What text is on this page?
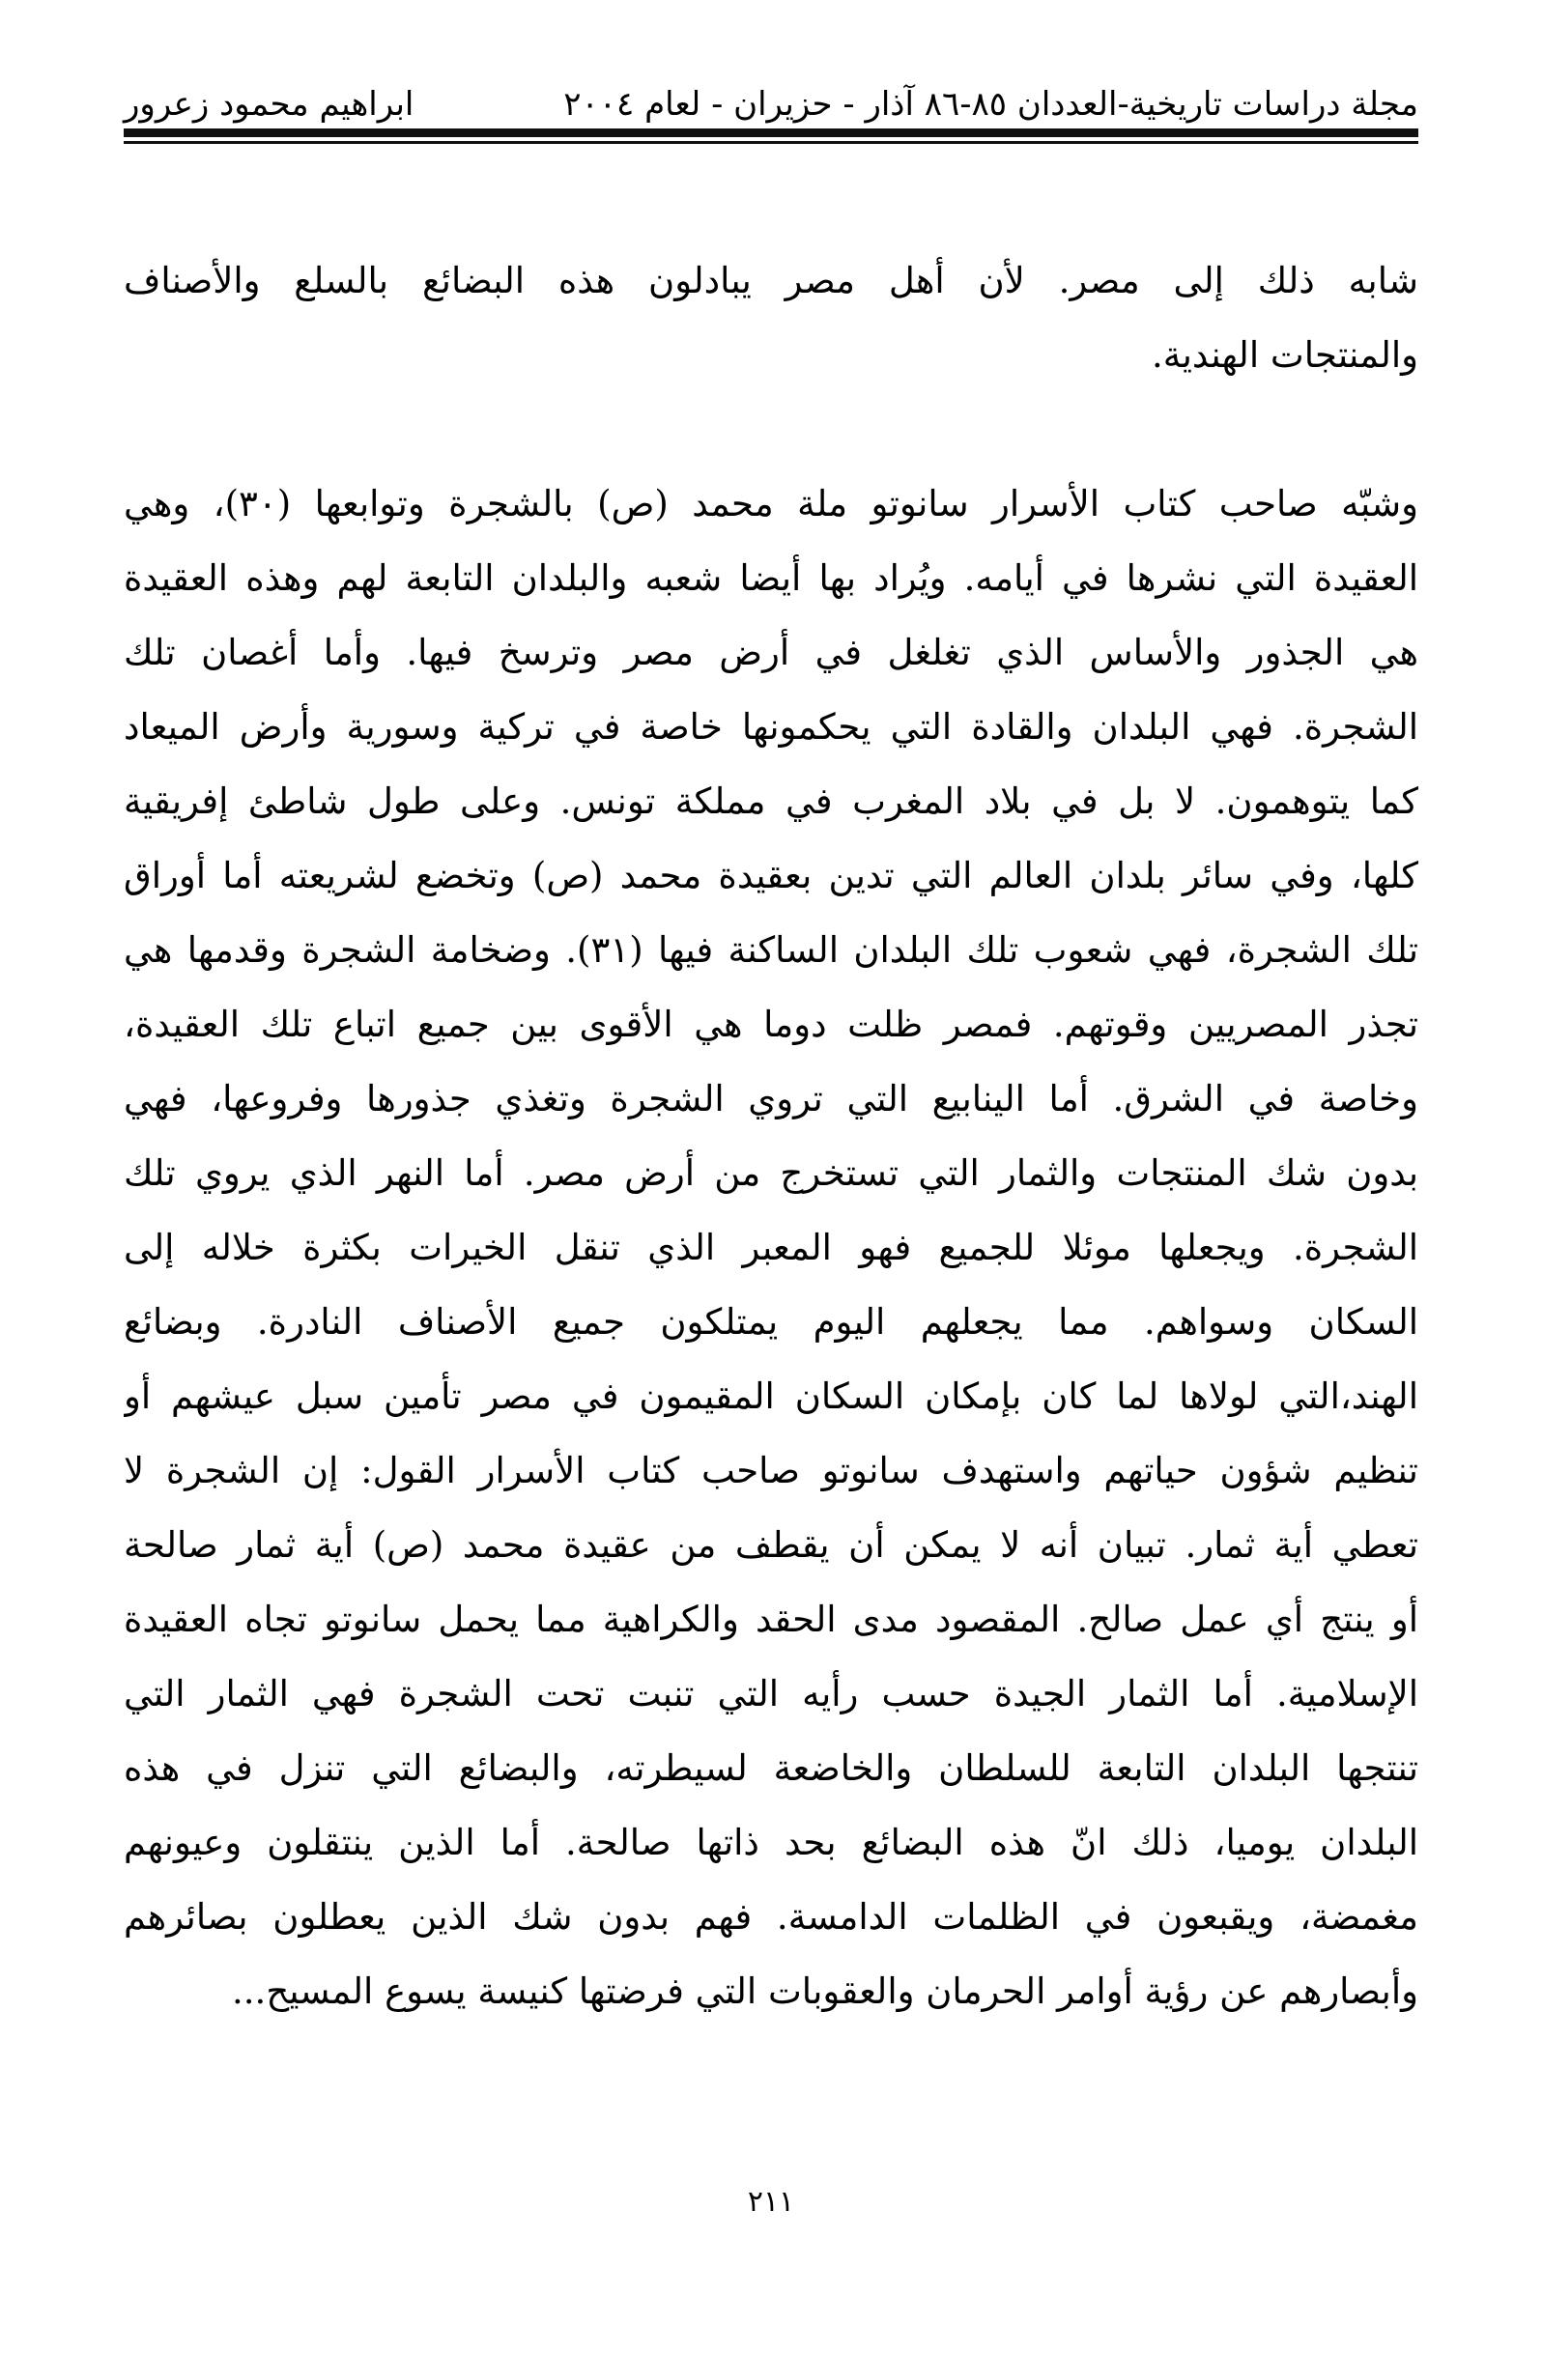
مجلة دراسات تاريخية-العددان ٨٥-٨٦ آذار - حزيران - لعام ٢٠٠٤
ابراهيم محمود زعرور

شابه ذلك إلى مصر. لأن أهل مصر يبادلون هذه البضائع بالسلع والأصناف
والمنتجات الهندية.

وشبّه صاحب كتاب الأسرار سانوتو ملة محمد (ص) بالشجرة وتوابعها (٣٠)، وهي
العقيدة التي نشرها في أيامه. ويُراد بها أيضا شعبه والبلدان التابعة لهم وهذه العقيدة
هي الجذور والأساس الذي تغلغل في أرض مصر وترسخ فيها. وأما أغصان تلك
الشجرة. فهي البلدان والقادة التي يحكمونها خاصة في تركية وسورية وأرض الميعاد
كما يتوهمون. لا بل في بلاد المغرب في مملكة تونس. وعلى طول شاطئ إفريقية
كلها، وفي سائر بلدان العالم التي تدين بعقيدة محمد (ص) وتخضع لشريعته أما أوراق
تلك الشجرة، فهي شعوب تلك البلدان الساكنة فيها (٣١). وضخامة الشجرة وقدمها هي
تجذر المصريين وقوتهم. فمصر ظلت دوما هي الأقوى بين جميع اتباع تلك العقيدة،
وخاصة في الشرق. أما الينابيع التي تروي الشجرة وتغذي جذورها وفروعها، فهي
بدون شك المنتجات والثمار التي تستخرج من أرض مصر. أما النهر الذي يروي تلك
الشجرة. ويجعلها موئلا للجميع فهو المعبر الذي تنقل الخيرات بكثرة خلاله إلى
السكان وسواهم. مما يجعلهم اليوم يمتلكون جميع الأصناف النادرة. وبضائع
الهند،التي لولاها لما كان بإمكان السكان المقيمون في مصر تأمين سبل عيشهم أو
تنظيم شؤون حياتهم واستهدف سانوتو صاحب كتاب الأسرار القول: إن الشجرة لا
تعطي أية ثمار. تبيان أنه لا يمكن أن يقطف من عقيدة محمد (ص) أية ثمار صالحة
أو ينتج أي عمل صالح. المقصود مدى الحقد والكراهية مما يحمل سانوتو تجاه العقيدة
الإسلامية. أما الثمار الجيدة حسب رأيه التي تنبت تحت الشجرة فهي الثمار التي
تنتجها البلدان التابعة للسلطان والخاضعة لسيطرته، والبضائع التي تنزل في هذه
البلدان يوميا، ذلك انّ هذه البضائع بحد ذاتها صالحة. أما الذين ينتقلون وعيونهم
مغمضة، ويقبعون في الظلمات الدامسة. فهم بدون شك الذين يعطلون بصائرهم
وأبصارهم عن رؤية أوامر الحرمان والعقوبات التي فرضتها كنيسة يسوع المسيح...

٢١١
